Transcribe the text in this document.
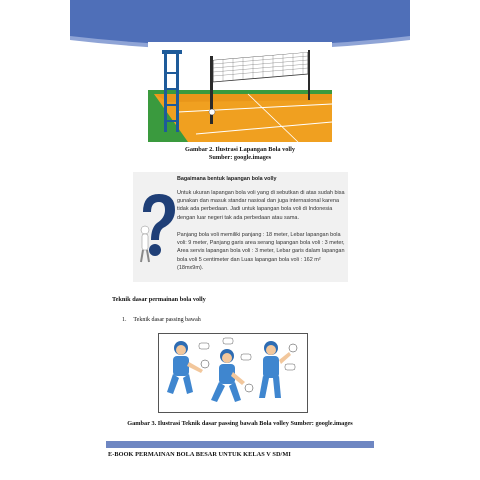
Gambar 2. Ilustrasi Lapangan Bola volly
Sumber: google.images
Bagaimana bentuk lapangan bola volly

Untuk ukuran lapangan bola voli yang di sebutkan di atas sudah bisa gunakan dan masuk standar nasioal dan juga internasional karena tidak ada perbedaan. Jadi untuk lapangan bola voli di Indonesia dengan luar negeri tak ada perbedaan atau sama.

Panjang bola voli memiliki panjang : 18 meter, Lebar lapangan bola voli: 9 meter, Panjang garis area serang lapangan bola voli : 3 meter, Area servis lapangan bola voli : 3 meter, Lebar garis dalam lapangan bola voli 5 centimeter dan Luas lapangan bola voli : 162 m² (18mx9m).

Teknik dasar permainan bola volly
1. Teknik dasar passing bawah
Gambar 3. Ilustrasi Teknik dasar passing bawah Bola volley Sumber: google.images
E-BOOK PERMAINAN BOLA BESAR UNTUK KELAS V SD/MI
